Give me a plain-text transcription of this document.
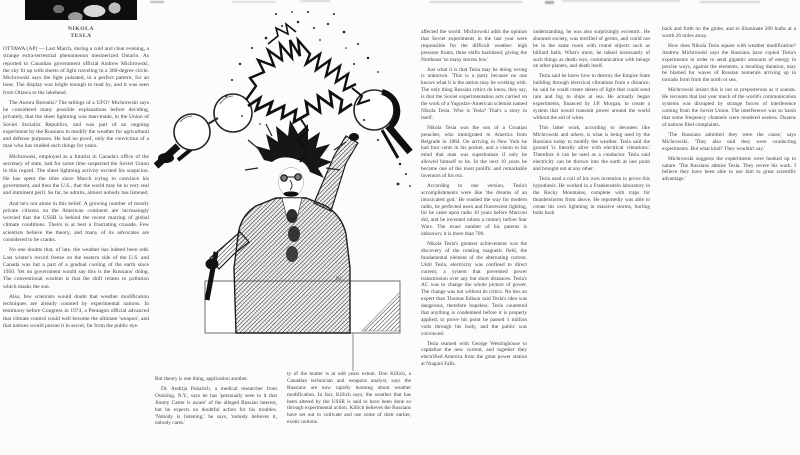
NIKOLA
TESLA

OTTAWA (AP) — Last March, during a cold and clear evening, a strange extra-terrestrial phenomenon mesmerized Ontario. As reported to Canadian government official Andrew Michrowski, the sky lit up with sheets of light traveling in a 360-degree circle. Michrowski says the light pulsated, in a perfect pattern, for an hour. The display was bright enough to read by, and it was seen from Ottawa to the lakehead.

The Aurora Borealis? The tailings of a UFO? Michrowski says he considered many possible explanations before deciding, privately, that the sheet lightning was man-made, in the Union of Soviet Socialist Republics, and was part of an ongoing experiment by the Russians to modify the weather for agricultural and defense purposes. He had no proof, only the conviction of a man who has studied such things for years.

Michrowski, employed as a futurist in Canada's office of the secretary of state, had for some time suspected the Soviet Union in this regard. The sheet lightning activity excited his suspicion. He has spent the time since March trying to convince his government, and then the U.S., that the world may be in very real and imminent peril. So far, he admits, almost nobody has listened.

And he's not alone in this belief. A growing number of mostly private citizens on the American continent are increasingly worried that the USSR is behind the recent marring of global climate conditions. Theirs is at best a frustrating crusade. Few scientists believe the theory, and many of its advocates are considered to be cranks.

No one doubts that, of late, the weather has indeed been odd. Last winter's record freeze on the eastern side of the U.S. and Canada was but a part of a gradual cooling of the earth since 1950. Yet no government would say this is the Russians' doing. The conventional wisdom is that the shift relates to pollution which masks the sun.

Also, few scientists would doubt that weather modification techniques are already counted by experimental nations. In testimony before Congress in 1974, a Pentagon official advanced that climate control could well become the ultimate 'weapon', and that nations would pursue it in secret, far from the public eye.

RC

affected the world. Michrowski adds the opinion that Soviet experiments in the last year were responsible for the difficult weather: high pressure fronts, three shifts backbend, giving the Northeast 'so many storms low.'

Just what it is that Tesla may be doing wrong is unknown. 'This is a party because no one knows what it is the nation may be working with. The only thing Russian critics do know, they say, is that the Soviet experimentation acts carried on the work of a Yugoslav-American scientist named Nikola Tesla. Who is Tesla? That's a story in itself.

Nikola Tesla was the son of a Croatian preacher, who immigrated to America from Belgrade in 1884. On arriving in New York he had four cents in his pocket, and a vision in his mind that man was superhuman if only he allowed himself to be. In the next 10 years he became one of the most prolific and remarkable inventors of his era.

According to one version, Tesla's accomplishments were like 'the dreams of an intoxicated god.' He readied the way for modern radio, he perfected neon and fluorescent lighting, for he came upon radio 10 years before Marconi did, and he invented robots a century before Star Wars. The exact number of his patents is unknown; it is more than 700.

Nikola Tesla's greatest achievement was the discovery of the rotating magnetic field, the fundamental element of the alternating current. Until Tesla, electricity was confined to direct current, a system that prevented power transmission over any but short distances. Tesla's AC was to change the whole picture of power. The change was not without its critics. No less an expert than Thomas Edison said Tesla's idea was dangerous, therefore hopeless. Tesla countered that anything is condemned before it is properly applied; to prove his point he passed 1 million volts through his body, and the public was convinced.

Tesla teamed with George Westinghouse to capitalize the new current, and together they electrified America from the great power station at Niagara Falls.

understanding, he was also surprisingly eccentric. He shunned society, was terrified of germs, and could not be in the same room with round objects such as billiard balls. What's more, he talked incessantly of such things as death rays, communication with beings on other planets, and death itself.

Tesla said he knew how to destroy the Empire State building through electrical vibrations from a distance; he said he could create sheets of light that could send rain and fog to ships at sea. He actually began experiments, financed by J.P. Morgan, to create a system that would transmit power around the world without the aid of wires.

This latter work, according to devotees like Michrowski and others, is what is being used by the Russians today to modify the weather. Tesla said the ground 'is literally alive with electrical vibrations.' Therefore it can be used as a conductor. Tesla said electricity can be thrown into the earth at one point and brought out at any other.

Tesla used a coil of his own invention to prove this hypothesis. He worked in a Frankenstein laboratory in the Rocky Mountains, complete with traps for thunderstorms from above. He reportedly was able to create his own lightning in massive storms, hurling bolts back

back and forth on the globe, and to illuminate 200 bulbs at a worth 26 miles away.

How does Nikola Tesla square with weather modification? Andrew Michrowski says the Russians have copied Tesla's experiments in order to send gigantic amounts of energy in precise ways, against the elements, a resulting duration, may be blamed for waves of Russian numerals arriving up in tornado form from the north or sea.

Michrowski insists this is not so preposterous as it sounds. He recounts that last year much of the world's communication systems was disrupted by strange forces of interference coming from the Soviet Union. The interference was so harsh that some frequency channels were rendered useless. Dozens of nations filed complaints.

'The Russians admitted they were the cause,' says Michrowski. 'They also said they were conducting experiments. But what kind? They wouldn't say.'

Michrowski suggests the experiments were hooked up to nature. 'The Russians admire Tesla. They revere his work. I believe they have been able to use him to great scientific advantage.'

But theory is one thing, application another.

Dr. Andrija Puharich, a medical researcher from Ossining, N.Y., says he has 'personally seen to it that Jimmy Carter is aware' of the alleged Russian interest, but he expects no doubtful action for his troubles. 'Nobody is listening,' he says, 'nobody believes it, nobody cares.'

ty of the matter is at odd years extent. Don Killich, a Canadian technician and weapons analyst, says the Russians are now rapidly learning about weather modification. In fact, Killich says, the weather that has been altered by the USSR is said to have been done so through experimental action. Killich believes the Russians have set out to cultivate and use some of their earlier, exotic notions.
